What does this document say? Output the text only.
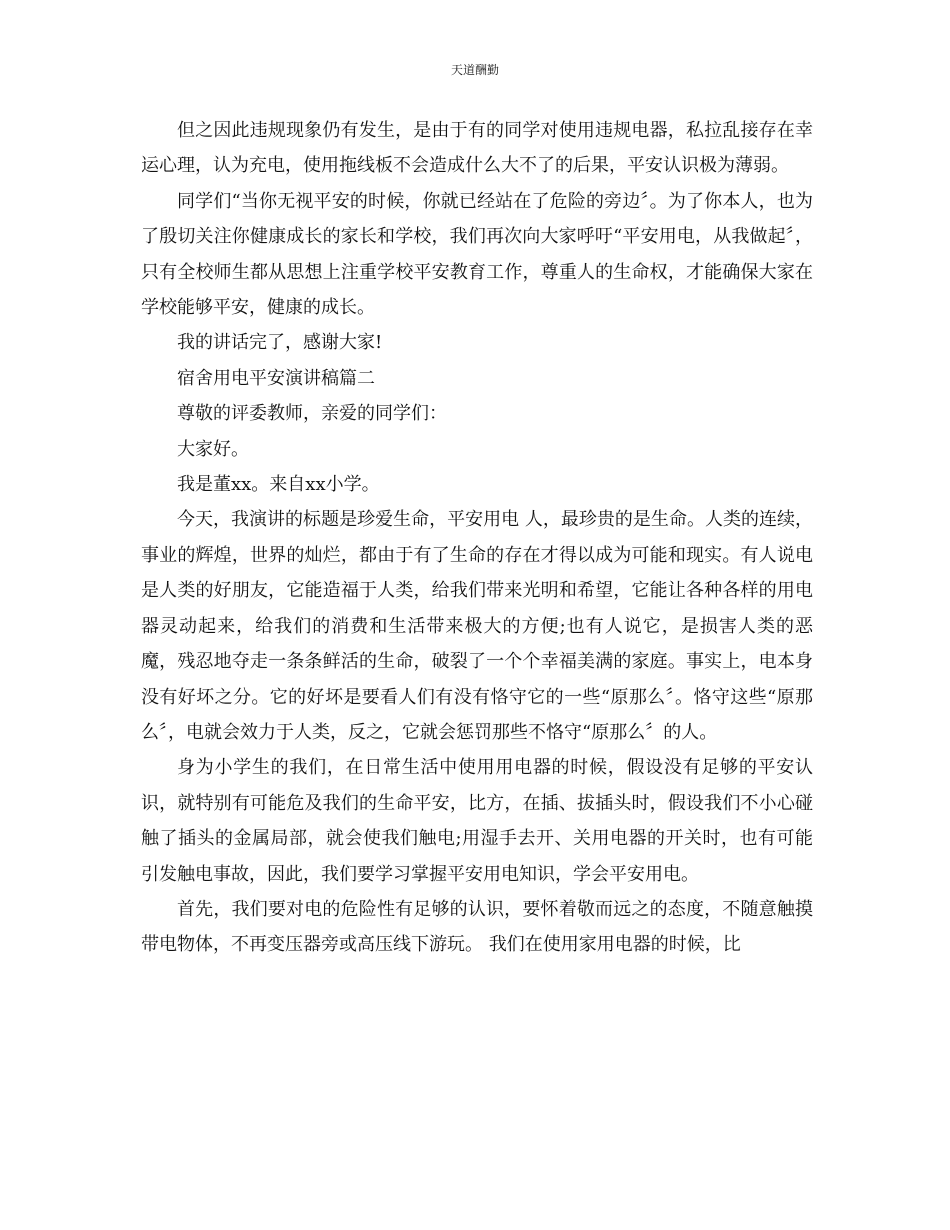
天道酬勤

但之因此违规现象仍有发生，是由于有的同学对使用违规电器，私拉乱接存在幸运心理，认为充电，使用拖线板不会造成什么大不了的后果，平安认识极为薄弱。

同学们“当你无视平安的时候，你就已经站在了危险的旁边〞。为了你本人，也为了殷切关注你健康成长的家长和学校，我们再次向大家呼吁“平安用电，从我做起〞，只有全校师生都从思想上注重学校平安教育工作，尊重人的生命权，才能确保大家在学校能够平安，健康的成长。

我的讲话完了，感谢大家!

宿舍用电平安演讲稿篇二

尊敬的评委教师，亲爱的同学们：

大家好。

我是董xx。来自xx小学。

今天，我演讲的标题是珍爱生命，平安用电 人，最珍贵的是生命。人类的连续，事业的辉煌，世界的灿烂，都由于有了生命的存在才得以成为可能和现实。有人说电是人类的好朋友，它能造福于人类，给我们带来光明和希望，它能让各种各样的用电器灵动起来，给我们的消费和生活带来极大的方便;也有人说它，是损害人类的恶魔，残忍地夺走一条条鲜活的生命，破裂了一个个幸福美满的家庭。事实上，电本身没有好坏之分。它的好坏是要看人们有没有恪守它的一些“原那么〞。恪守这些“原那么〞，电就会效力于人类，反之，它就会惩罚那些不恪守“原那么〞的人。

身为小学生的我们，在日常生活中使用用电器的时候，假设没有足够的平安认识，就特别有可能危及我们的生命平安，比方，在插、拔插头时，假设我们不小心碰触了插头的金属局部，就会使我们触电;用湿手去开、关用电器的开关时，也有可能引发触电事故，因此，我们要学习掌握平安用电知识，学会平安用电。

首先，我们要对电的危险性有足够的认识，要怀着敬而远之的态度，不随意触摸带电物体，不再变压器旁或高压线下游玩。 我们在使用家用电器的时候，比
